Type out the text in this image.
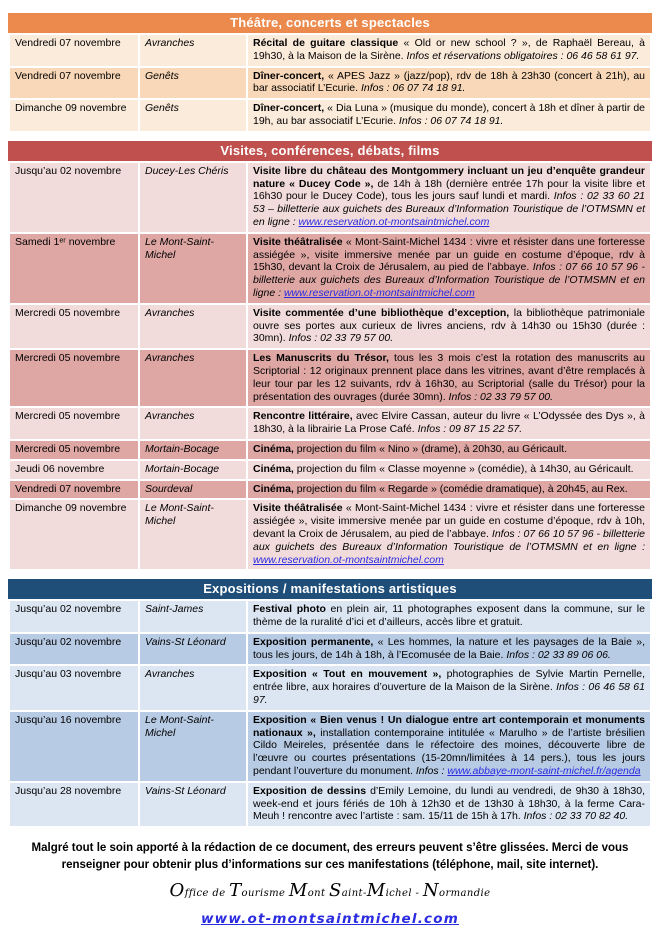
Théâtre, concerts et spectacles
Vendredi 07 novembre	Avranches	Récital de guitare classique « Old or new school ? », de Raphaël Bereau, à 19h30, à la Maison de la Sirène. Infos et réservations obligatoires : 06 46 58 61 97.
Vendredi 07 novembre	Genêts	Dîner-concert, « APES Jazz » (jazz/pop), rdv de 18h à 23h30 (concert à 21h), au bar associatif L’Ecurie. Infos : 06 07 74 18 91.
Dimanche 09 novembre	Genêts	Dîner-concert, « Dia Luna » (musique du monde), concert à 18h et dîner à partir de 19h, au bar associatif L’Ecurie. Infos : 06 07 74 18 91.
Visites, conférences, débats, films
Jusqu’au 02 novembre	Ducey-Les Chéris	Visite libre du château des Montgommery incluant un jeu d’enquête grandeur nature « Ducey Code », de 14h à 18h (dernière entrée 17h pour la visite libre et 16h30 pour le Ducey Code), tous les jours sauf lundi et mardi. Infos : 02 33 60 21 53 – billetterie aux guichets des Bureaux d’Information Touristique de l’OTMSMN et en ligne : www.reservation.ot-montsaintmichel.com
Samedi 1ᵉʳ novembre	Le Mont-Saint-Michel	Visite théâtralisée « Mont-Saint-Michel 1434 : vivre et résister dans une forteresse assiégée », visite immersive menée par un guide en costume d’époque, rdv à 15h30, devant la Croix de Jérusalem, au pied de l’abbaye. Infos : 07 66 10 57 96 - billetterie aux guichets des Bureaux d’Information Touristique de l’OTMSMN et en ligne : www.reservation.ot-montsaintmichel.com
Mercredi 05 novembre	Avranches	Visite commentée d’une bibliothèque d’exception, la bibliothèque patrimoniale ouvre ses portes aux curieux de livres anciens, rdv à 14h30 ou 15h30 (durée : 30mn). Infos : 02 33 79 57 00.
Mercredi 05 novembre	Avranches	Les Manuscrits du Trésor, tous les 3 mois c’est la rotation des manuscrits au Scriptorial : 12 originaux prennent place dans les vitrines, avant d’être remplacés à leur tour par les 12 suivants, rdv à 16h30, au Scriptorial (salle du Trésor) pour la présentation des ouvrages (durée 30mn). Infos : 02 33 79 57 00.
Mercredi 05 novembre	Avranches	Rencontre littéraire, avec Elvire Cassan, auteur du livre « L’Odyssée des Dys », à 18h30, à la librairie La Prose Café. Infos : 09 87 15 22 57.
Mercredi 05 novembre	Mortain-Bocage	Cinéma, projection du film « Nino » (drame), à 20h30, au Géricault.
Jeudi 06 novembre	Mortain-Bocage	Cinéma, projection du film « Classe moyenne » (comédie), à 14h30, au Géricault.
Vendredi 07 novembre	Sourdeval	Cinéma, projection du film « Regarde » (comédie dramatique), à 20h45, au Rex.
Dimanche 09 novembre	Le Mont-Saint-Michel	Visite théâtralisée « Mont-Saint-Michel 1434 : vivre et résister dans une forteresse assiégée », visite immersive menée par un guide en costume d’époque, rdv à 10h, devant la Croix de Jérusalem, au pied de l’abbaye. Infos : 07 66 10 57 96 - billetterie aux guichets des Bureaux d’Information Touristique de l’OTMSMN et en ligne : www.reservation.ot-montsaintmichel.com
Expositions / manifestations artistiques
Jusqu’au 02 novembre	Saint-James	Festival photo en plein air, 11 photographes exposent dans la commune, sur le thème de la ruralité d’ici et d’ailleurs, accès libre et gratuit.
Jusqu’au 02 novembre	Vains-St Léonard	Exposition permanente, « Les hommes, la nature et les paysages de la Baie », tous les jours, de 14h à 18h, à l’Ecomusée de la Baie. Infos : 02 33 89 06 06.
Jusqu’au 03 novembre	Avranches	Exposition « Tout en mouvement », photographies de Sylvie Martin Pernelle, entrée libre, aux horaires d’ouverture de la Maison de la Sirène. Infos : 06 46 58 61 97.
Jusqu’au 16 novembre	Le Mont-Saint-Michel	Exposition « Bien venus ! Un dialogue entre art contemporain et monuments nationaux », installation contemporaine intitulée « Marulho » de l’artiste brésilien Cildo Meireles, présentée dans le réfectoire des moines, découverte libre de l’œuvre ou courtes présentations (15-20mn/limitées à 14 pers.), tous les jours pendant l’ouverture du monument. Infos : www.abbaye-mont-saint-michel.fr/agenda
Jusqu’au 28 novembre	Vains-St Léonard	Exposition de dessins d’Emily Lemoine, du lundi au vendredi, de 9h30 à 18h30, week-end et jours fériés de 10h à 12h30 et de 13h30 à 18h30, à la ferme Cara-Meuh ! rencontre avec l’artiste : sam. 15/11 de 15h à 17h. Infos : 02 33 70 82 40.

Malgré tout le soin apporté à la rédaction de ce document, des erreurs peuvent s’être glissées. Merci de vous renseigner pour obtenir plus d’informations sur ces manifestations (téléphone, mail, site internet).

Office de Tourisme Mont Saint-Michel - Normandie

www.ot-montsaintmichel.com
